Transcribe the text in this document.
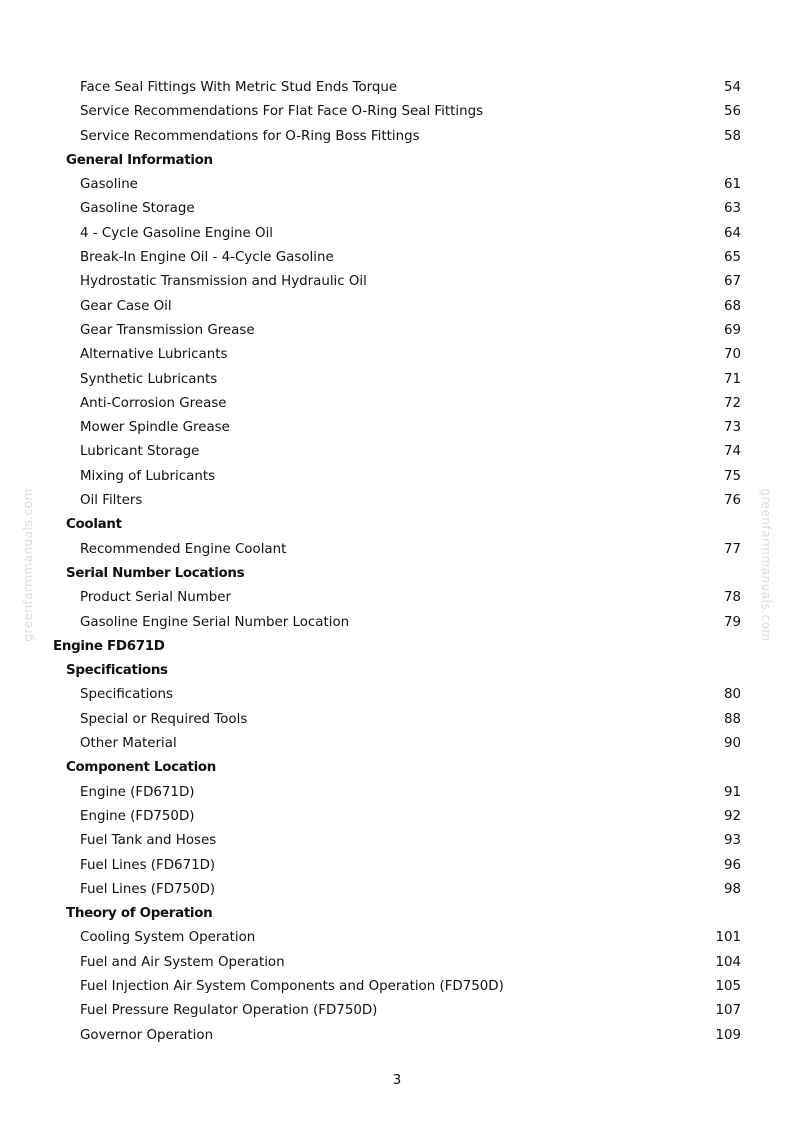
Face Seal Fittings With Metric Stud Ends Torque	54
Service Recommendations For Flat Face O-Ring Seal Fittings	56
Service Recommendations for O-Ring Boss Fittings	58
General Information
Gasoline	61
Gasoline Storage	63
4 - Cycle Gasoline Engine Oil	64
Break-In Engine Oil - 4-Cycle Gasoline	65
Hydrostatic Transmission and Hydraulic Oil	67
Gear Case Oil	68
Gear Transmission Grease	69
Alternative Lubricants	70
Synthetic Lubricants	71
Anti-Corrosion Grease	72
Mower Spindle Grease	73
Lubricant Storage	74
Mixing of Lubricants	75
Oil Filters	76
Coolant
Recommended Engine Coolant	77
Serial Number Locations
Product Serial Number	78
Gasoline Engine Serial Number Location	79
Engine FD671D
Specifications
Specifications	80
Special or Required Tools	88
Other Material	90
Component Location
Engine (FD671D)	91
Engine (FD750D)	92
Fuel Tank and Hoses	93
Fuel Lines (FD671D)	96
Fuel Lines (FD750D)	98
Theory of Operation
Cooling System Operation	101
Fuel and Air System Operation	104
Fuel Injection Air System Components and Operation (FD750D)	105
Fuel Pressure Regulator Operation (FD750D)	107
Governor Operation	109
greenfarmmanuals.com	greenfarmmanuals.com
3
